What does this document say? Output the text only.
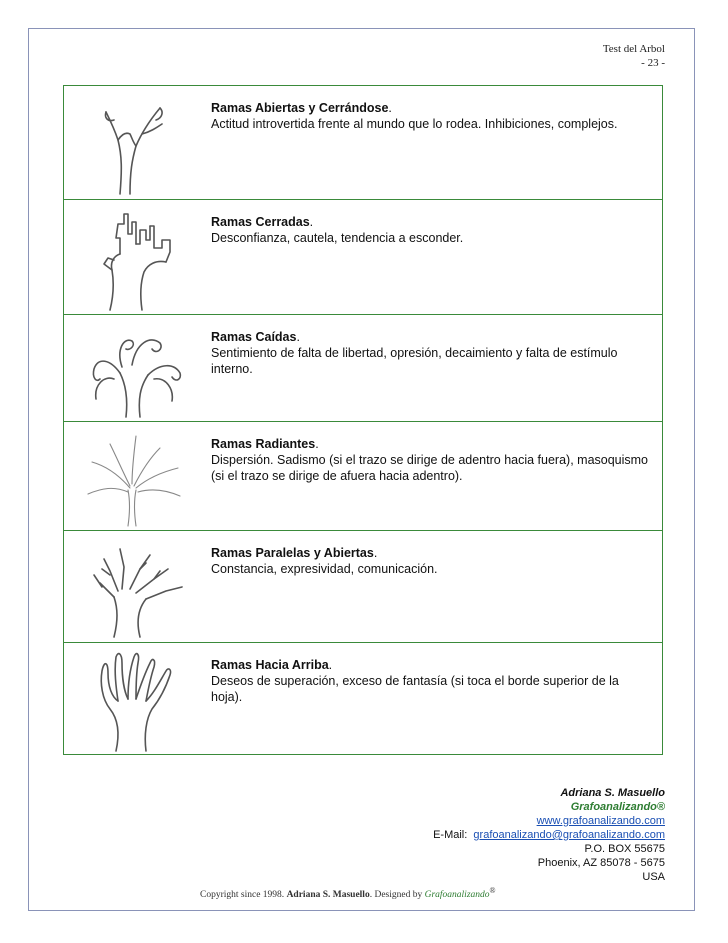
Test del Arbol
- 23 -
Ramas Abiertas y Cerrándose.
Actitud introvertida frente al mundo que lo rodea. Inhibiciones, complejos.
Ramas Cerradas.
Desconfianza, cautela, tendencia a esconder.
Ramas Caídas.
Sentimiento de falta de libertad, opresión, decaimiento y falta de estímulo interno.
Ramas Radiantes.
Dispersión. Sadismo (si el trazo se dirige de adentro hacia fuera), masoquismo (si el trazo se dirige de afuera hacia adentro).
Ramas Paralelas y Abiertas.
Constancia, expresividad, comunicación.
Ramas Hacia Arriba.
Deseos de superación, exceso de fantasía (si toca el borde superior de la hoja).
Adriana S. Masuello
Grafoanalizando®
www.grafoanalizando.com
E-Mail: grafoanalizando@grafoanalizando.com
P.O. BOX 55675
Phoenix, AZ 85078 - 5675
USA
Copyright since 1998. Adriana S. Masuello. Designed by Grafoanalizando®
